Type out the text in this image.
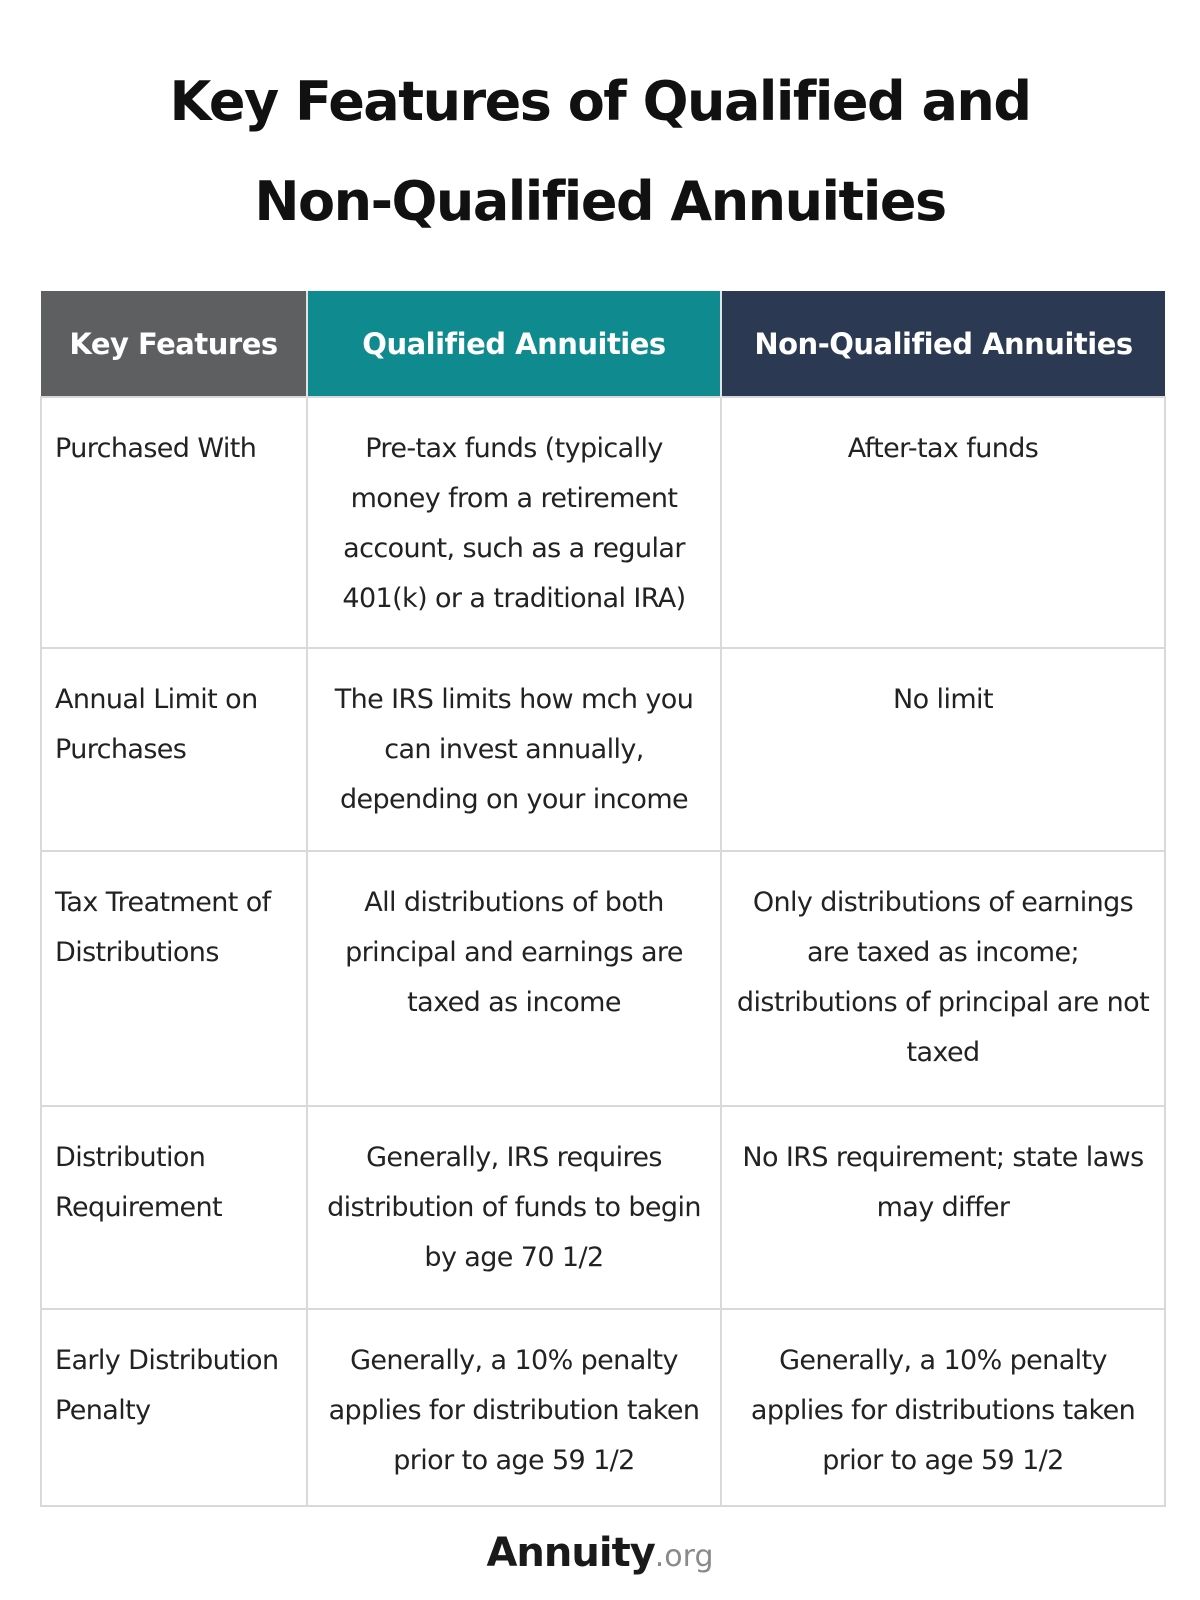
Key Features of Qualified and
Non-Qualified Annuities
Key Features	Qualified Annuities	Non-Qualified Annuities
Purchased With	Pre-tax funds (typically money from a retirement account, such as a regular 401(k) or a traditional IRA)	After-tax funds
Annual Limit on Purchases	The IRS limits how mch you can invest annually, depending on your income	No limit
Tax Treatment of Distributions	All distributions of both principal and earnings are taxed as income	Only distributions of earnings are taxed as income; distributions of principal are not taxed
Distribution Requirement	Generally, IRS requires distribution of funds to begin by age 70 1/2	No IRS requirement; state laws may differ
Early Distribution Penalty	Generally, a 10% penalty applies for distribution taken prior to age 59 1/2	Generally, a 10% penalty applies for distributions taken prior to age 59 1/2
Annuity.org
